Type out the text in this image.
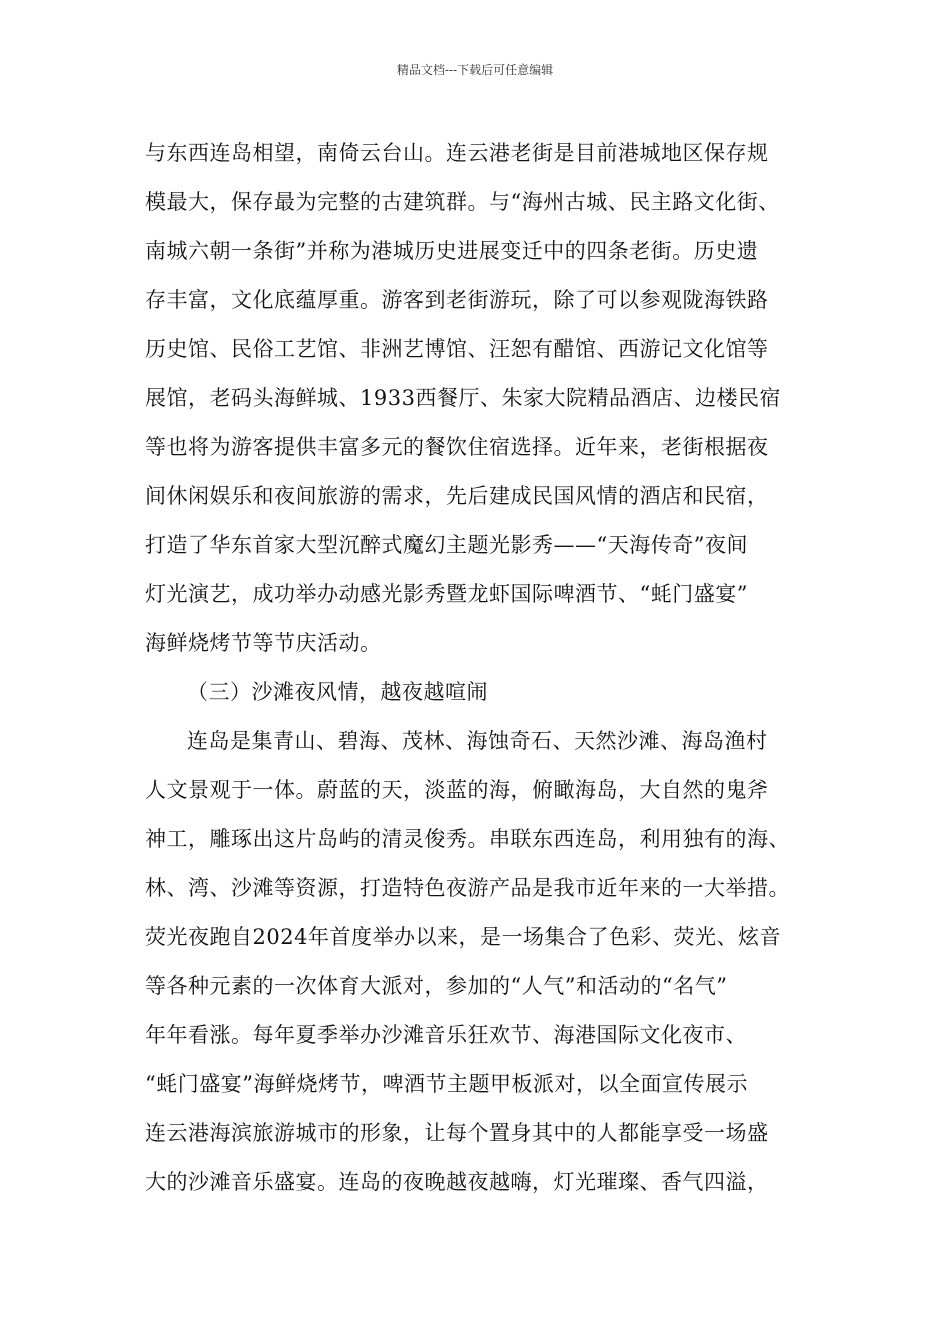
精品文档---下载后可任意编辑
与东西连岛相望，南倚云台山。连云港老街是目前港城地区保存规
模最大，保存最为完整的古建筑群。与“海州古城、民主路文化街、
南城六朝一条街”并称为港城历史进展变迁中的四条老街。历史遗
存丰富，文化底蕴厚重。游客到老街游玩，除了可以参观陇海铁路
历史馆、民俗工艺馆、非洲艺博馆、汪恕有醋馆、西游记文化馆等
展馆，老码头海鲜城、1933西餐厅、朱家大院精品酒店、边楼民宿
等也将为游客提供丰富多元的餐饮住宿选择。近年来，老街根据夜
间休闲娱乐和夜间旅游的需求，先后建成民国风情的酒店和民宿，
打造了华东首家大型沉醉式魔幻主题光影秀——“天海传奇”夜间
灯光演艺，成功举办动感光影秀暨龙虾国际啤酒节、“蚝门盛宴”
海鲜烧烤节等节庆活动。
（三）沙滩夜风情，越夜越喧闹
连岛是集青山、碧海、茂林、海蚀奇石、天然沙滩、海岛渔村
人文景观于一体。蔚蓝的天，淡蓝的海，俯瞰海岛，大自然的鬼斧
神工，雕琢出这片岛屿的清灵俊秀。串联东西连岛，利用独有的海、
林、湾、沙滩等资源，打造特色夜游产品是我市近年来的一大举措。
荧光夜跑自2024年首度举办以来，是一场集合了色彩、荧光、炫音
等各种元素的一次体育大派对，参加的“人气”和活动的“名气”
年年看涨。每年夏季举办沙滩音乐狂欢节、海港国际文化夜市、
“蚝门盛宴”海鲜烧烤节，啤酒节主题甲板派对，以全面宣传展示
连云港海滨旅游城市的形象，让每个置身其中的人都能享受一场盛
大的沙滩音乐盛宴。连岛的夜晚越夜越嗨，灯光璀璨、香气四溢，
